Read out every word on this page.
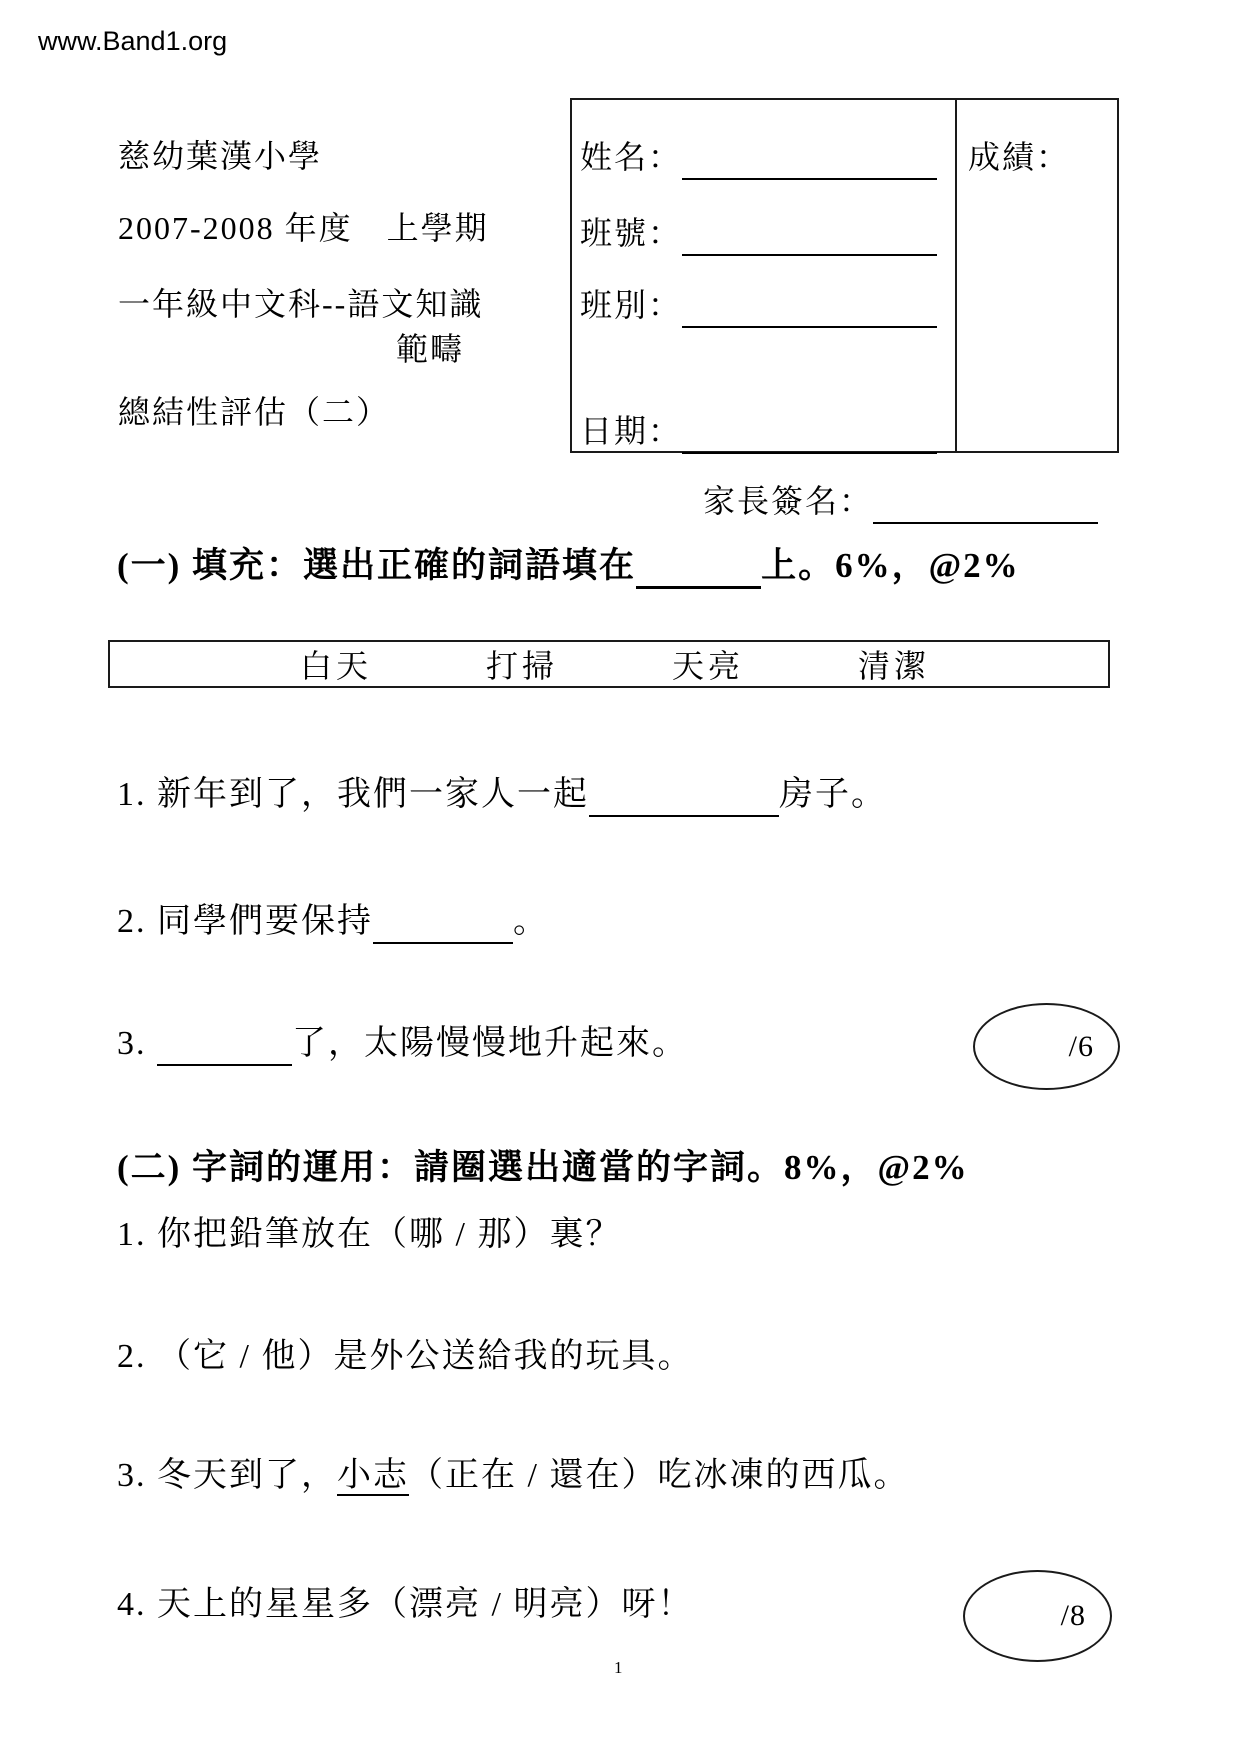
www.Band1.org
慈幼葉漢小學
2007-2008 年度　上學期
一年級中文科--語文知識
範疇
總結性評估（二）
姓名：
班號：
班別：
日期：
成績：
家長簽名：
(一) 填充：選出正確的詞語填在	上。6%，@2%
白天	打掃	天亮	清潔
1. 新年到了，我們一家人一起	房子。
2. 同學們要保持	。
3.	了，太陽慢慢地升起來。	/6
(二) 字詞的運用：請圈選出適當的字詞。8%，@2%
1. 你把鉛筆放在（哪 / 那）裏？
2. （它 / 他）是外公送給我的玩具。
3. 冬天到了，小志（正在 / 還在）吃冰凍的西瓜。
4. 天上的星星多（漂亮 / 明亮）呀！	/8
1
